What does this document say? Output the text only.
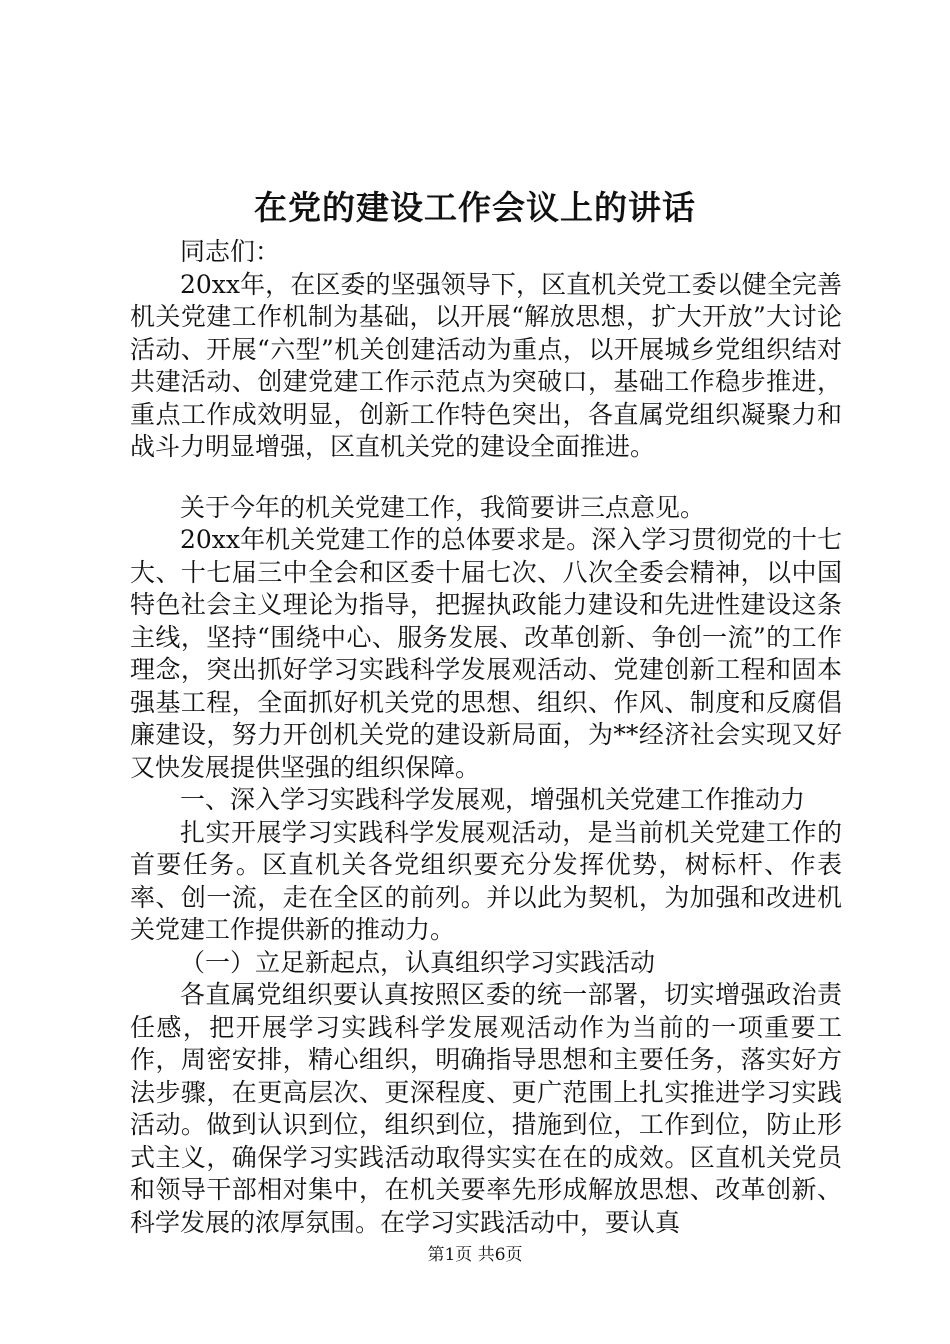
在党的建设工作会议上的讲话

同志们：

20xx年，在区委的坚强领导下，区直机关党工委以健全完善机关党建工作机制为基础，以开展“解放思想，扩大开放”大讨论活动、开展“六型”机关创建活动为重点，以开展城乡党组织结对共建活动、创建党建工作示范点为突破口，基础工作稳步推进，重点工作成效明显，创新工作特色突出，各直属党组织凝聚力和战斗力明显增强，区直机关党的建设全面推进。

关于今年的机关党建工作，我简要讲三点意见。

20xx年机关党建工作的总体要求是。深入学习贯彻党的十七大、十七届三中全会和区委十届七次、八次全委会精神，以中国特色社会主义理论为指导，把握执政能力建设和先进性建设这条主线，坚持“围绕中心、服务发展、改革创新、争创一流”的工作理念，突出抓好学习实践科学发展观活动、党建创新工程和固本强基工程，全面抓好机关党的思想、组织、作风、制度和反腐倡廉建设，努力开创机关党的建设新局面，为**经济社会实现又好又快发展提供坚强的组织保障。

一、深入学习实践科学发展观，增强机关党建工作推动力

扎实开展学习实践科学发展观活动，是当前机关党建工作的首要任务。区直机关各党组织要充分发挥优势，树标杆、作表率、创一流，走在全区的前列。并以此为契机，为加强和改进机关党建工作提供新的推动力。

（一）立足新起点，认真组织学习实践活动

各直属党组织要认真按照区委的统一部署，切实增强政治责任感，把开展学习实践科学发展观活动作为当前的一项重要工作，周密安排，精心组织，明确指导思想和主要任务，落实好方法步骤，在更高层次、更深程度、更广范围上扎实推进学习实践活动。做到认识到位，组织到位，措施到位，工作到位，防止形式主义，确保学习实践活动取得实实在在的成效。区直机关党员和领导干部相对集中，在机关要率先形成解放思想、改革创新、科学发展的浓厚氛围。在学习实践活动中，要认真

第1页 共6页
